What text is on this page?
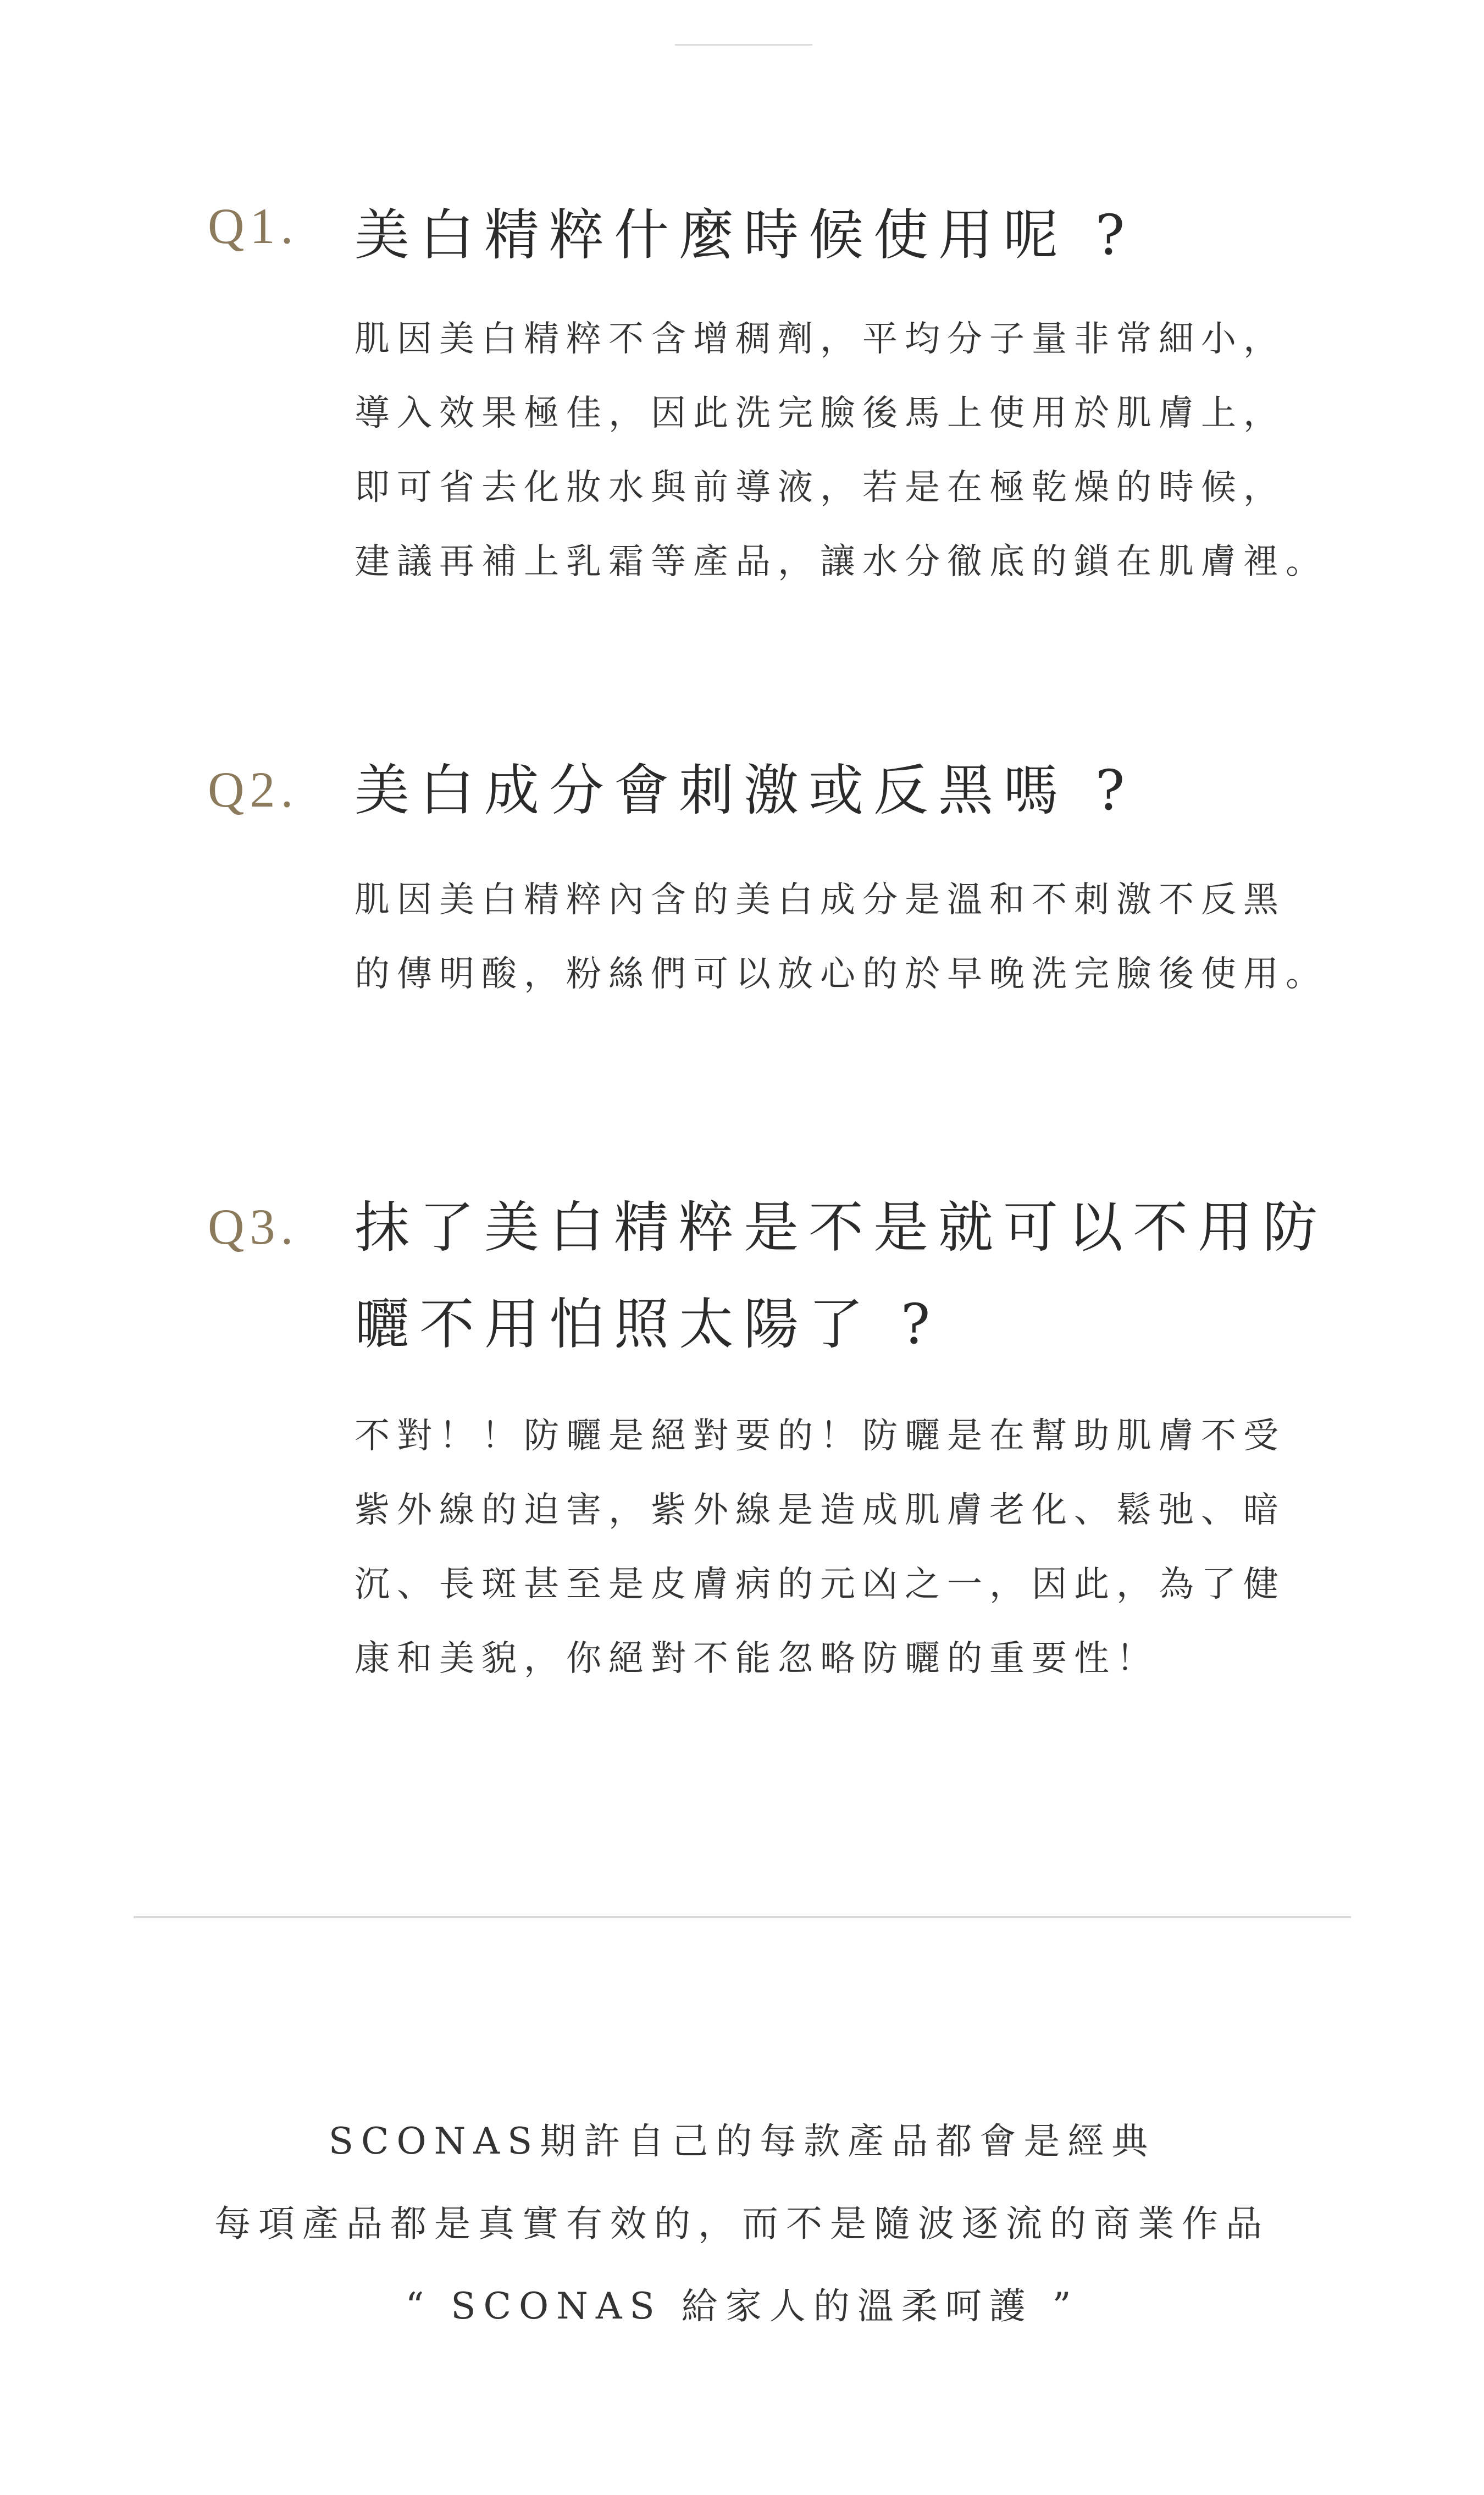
Q1. 美白精粹什麼時候使用呢 ?
肌因美白精粹不含增稠劑，平均分子量非常細小，
導入效果極佳，因此洗完臉後馬上使用於肌膚上，
即可省去化妝水與前導液，若是在極乾燥的時候，
建議再補上乳霜等產品，讓水分徹底的鎖在肌膚裡。
Q2. 美白成分會刺激或反黑嗎 ?
肌因美白精粹內含的美白成分是溫和不刺激不反黑
的傳明酸，粉絲們可以放心的於早晚洗完臉後使用。
Q3. 抹了美白精粹是不是就可以不用防
曬不用怕照太陽了 ?
不對！！防曬是絕對要的！防曬是在幫助肌膚不受
紫外線的迫害，紫外線是造成肌膚老化、鬆弛、暗
沉、長斑甚至是皮膚病的元凶之一，因此，為了健
康和美貌，你絕對不能忽略防曬的重要性！
SCONAS期許自己的每款產品都會是經典
每項產品都是真實有效的，而不是隨波逐流的商業作品
“ SCONAS 給家人的溫柔呵護 ”
